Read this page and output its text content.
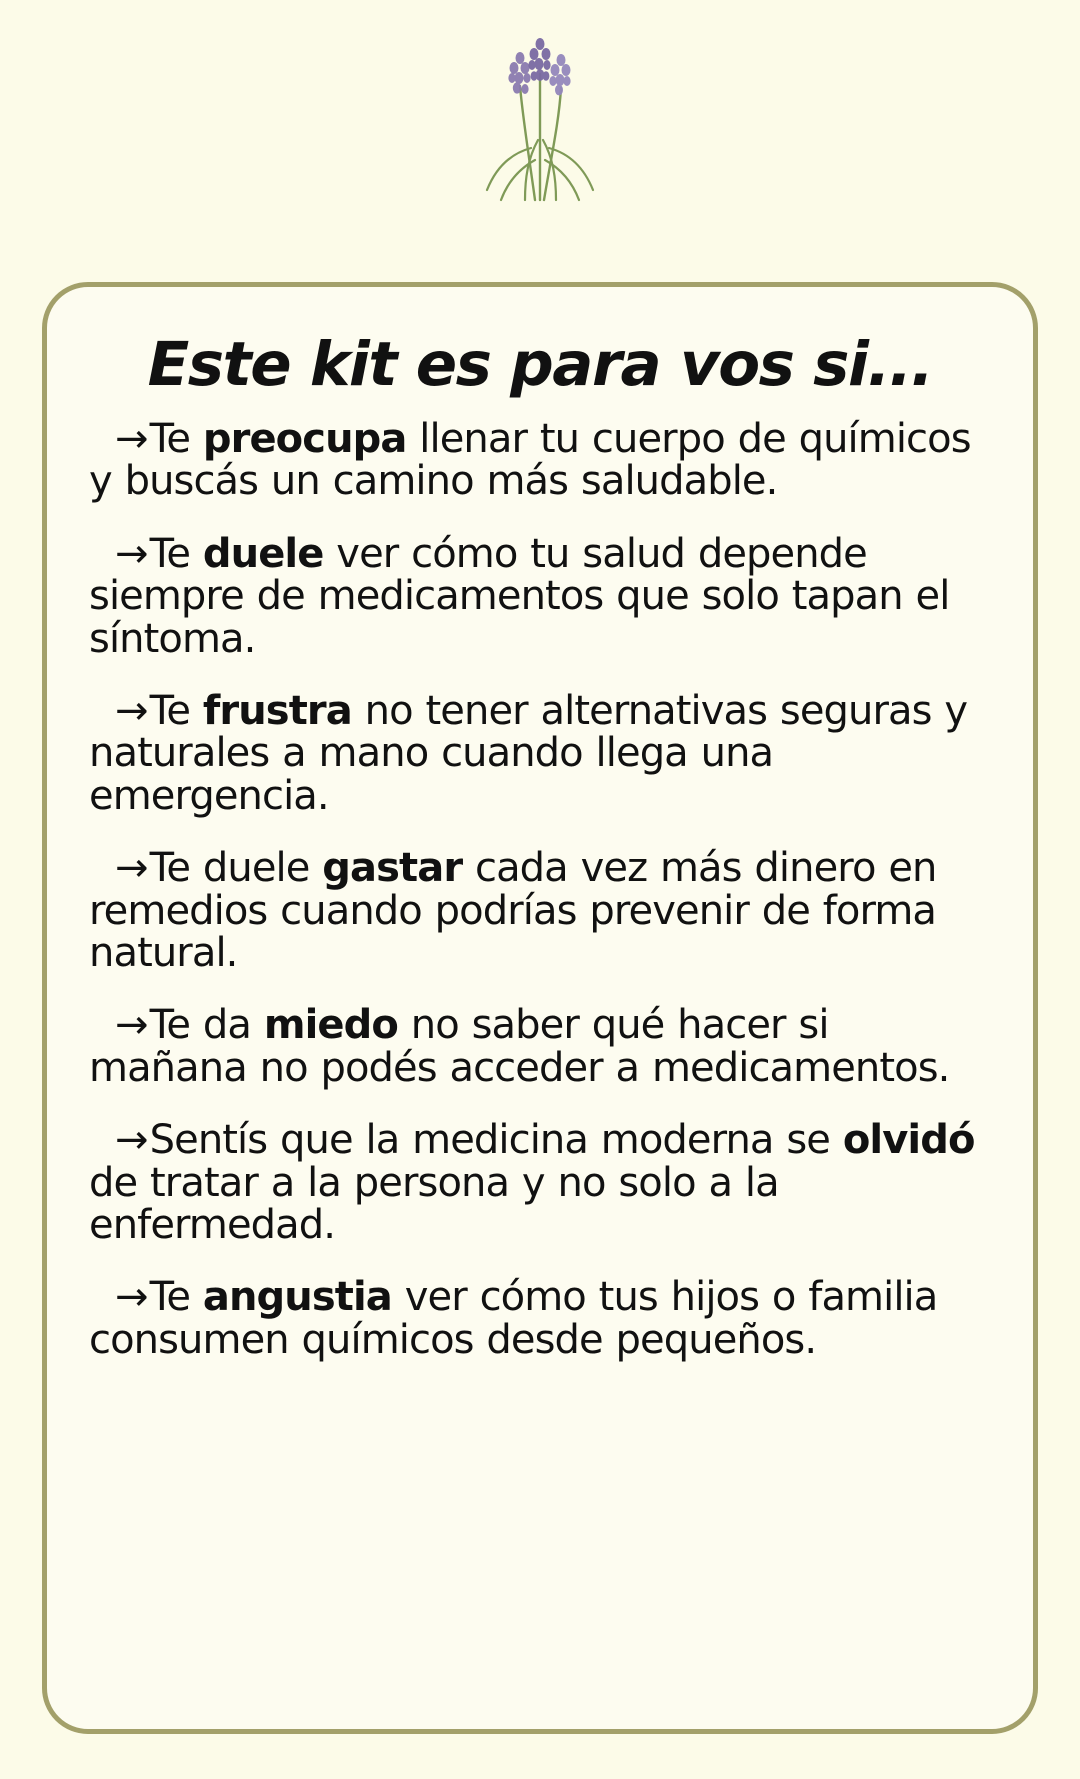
Este kit es para vos si...
→Te preocupa llenar tu cuerpo de químicos y buscás un camino más saludable.
→Te duele ver cómo tu salud depende siempre de medicamentos que solo tapan el síntoma.
→Te frustra no tener alternativas seguras y naturales a mano cuando llega una emergencia.
→Te duele gastar cada vez más dinero en remedios cuando podrías prevenir de forma natural.
→Te da miedo no saber qué hacer si mañana no podés acceder a medicamentos.
→Sentís que la medicina moderna se olvidó de tratar a la persona y no solo a la enfermedad.
→Te angustia ver cómo tus hijos o familia consumen químicos desde pequeños.
